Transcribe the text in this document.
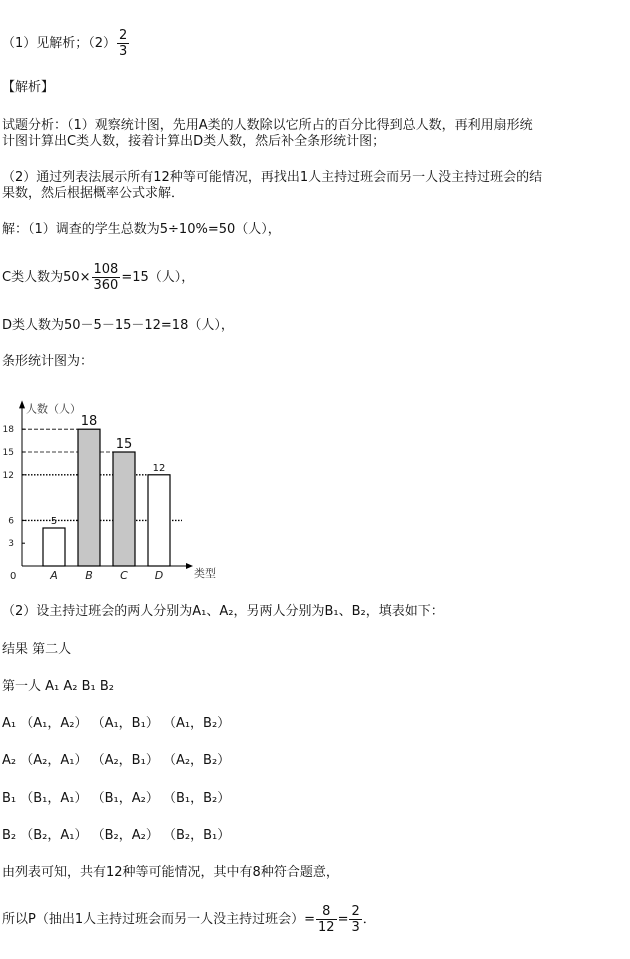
（1）见解析；$(2) \frac{2}{3}$
【解析】
试题分析：（1）观察统计图，先用A类的人数除以它所占的百分比得到总人数，再利用扇形统
计图计算出C类人数，接着计算出D类人数，然后补全条形统计图；
（2）通过列表法展示所有12种等可能情况，再找出1人主持过班会而另一人没主持过班会的结
果数，然后根据概率公式求解．
解：（1）调查的学生总数为5÷10%=50（人），
C类人数为$50\times \frac{108}{360} =15$（人），
D类人数为50－5－15－12=18（人），
条形统计图为：
3
6
12
15
18
0
人数（人）
类型
A
5
B
18
C
15
D
12
（2）设主持过班会的两人分别为A₁、A₂，另两人分别为B₁、B₂，填表如下：
结果 第二人
第一人 A₁ A₂ B₁ B₂
A₁ （A₁，A₂） （A₁，B₁） （A₁，B₂）
A₂ （A₂，A₁） （A₂，B₁） （A₂，B₂）
B₁ （B₁，A₁） （B₁，A₂） （B₁，B₂）
B₂ （B₂，A₁） （B₂，A₂） （B₂，B₁）
由列表可知，共有12种等可能情况，其中有8种符合题意，
所以P（抽出1人主持过班会而另一人没主持过班会）= $\frac{8}{12} = \frac{2}{3}$ ．
